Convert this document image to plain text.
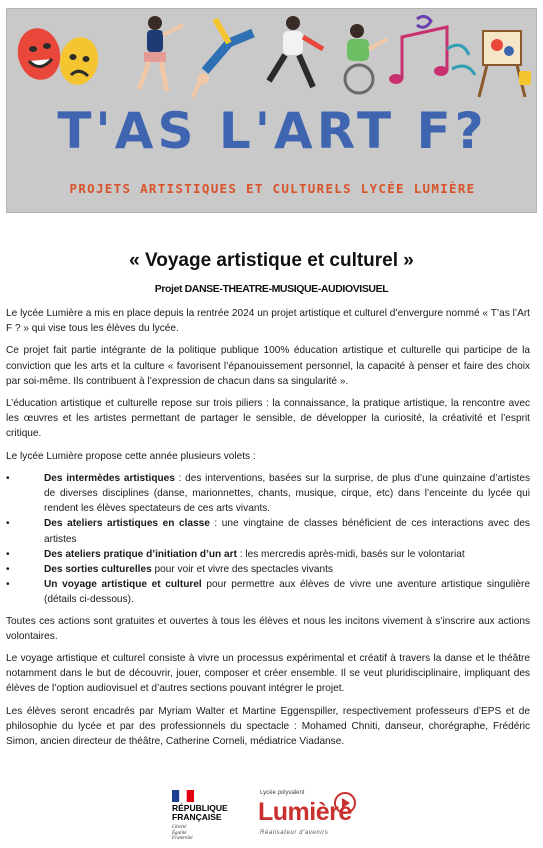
T'AS L'ART F?
PROJETS ARTISTIQUES ET CULTURELS LYCÉE LUMIÈRE
« Voyage artistique et culturel »
Projet DANSE-THEATRE-MUSIQUE-AUDIOVISUEL

Le lycée Lumière a mis en place depuis la rentrée 2024 un projet artistique et culturel d’envergure nommé « T’as l’Art F ? » qui vise tous les élèves du lycée.

Ce projet fait partie intégrante de la politique publique 100% éducation artistique et culturelle qui participe de la conviction que les arts et la culture « favorisent l’épanouissement personnel, la capacité à penser et faire des choix par soi-même. Ils contribuent à l’expression de chacun dans sa singularité ».

L’éducation artistique et culturelle repose sur trois piliers : la connaissance, la pratique artistique, la rencontre avec les œuvres et les artistes permettant de partager le sensible, de développer la curiosité, la créativité et l’esprit critique.

Le lycée Lumière propose cette année plusieurs volets :

•	Des intermèdes artistiques : des interventions, basées sur la surprise, de plus d’une quinzaine d’artistes de diverses disciplines (danse, marionnettes, chants, musique, cirque, etc) dans l’enceinte du lycée qui rendent les élèves spectateurs de ces arts vivants.
•	Des ateliers artistiques en classe : une vingtaine de classes bénéficient de ces interactions avec des artistes
•	Des ateliers pratique d’initiation d’un art : les mercredis après-midi, basés sur le volontariat
•	Des sorties culturelles pour voir et vivre des spectacles vivants
•	Un voyage artistique et culturel pour permettre aux élèves de vivre une aventure artistique singulière (détails ci-dessous).

Toutes ces actions sont gratuites et ouvertes à tous les élèves et nous les incitons vivement à s’inscrire aux actions volontaires.

Le voyage artistique et culturel consiste à vivre un processus expérimental et créatif à travers la danse et le théâtre notamment dans le but de découvrir, jouer, composer et créer ensemble. Il se veut pluridisciplinaire, impliquant des élèves de l’option audiovisuel et d’autres sections pouvant intégrer le projet.

Les élèves seront encadrés par Myriam Walter et Martine Eggenspiller, respectivement professeurs d’EPS et de philosophie du lycée et par des professionnels du spectacle : Mohamed Chniti, danseur, chorégraphe, Frédéric Simon, ancien directeur de théâtre, Catherine Corneli, médiatrice Viadanse.

RÉPUBLIQUE
FRANÇAISE
Liberté
Égalité
Fraternité
Lycée polyvalent
Lumière
Réalisateur d'avenirs
